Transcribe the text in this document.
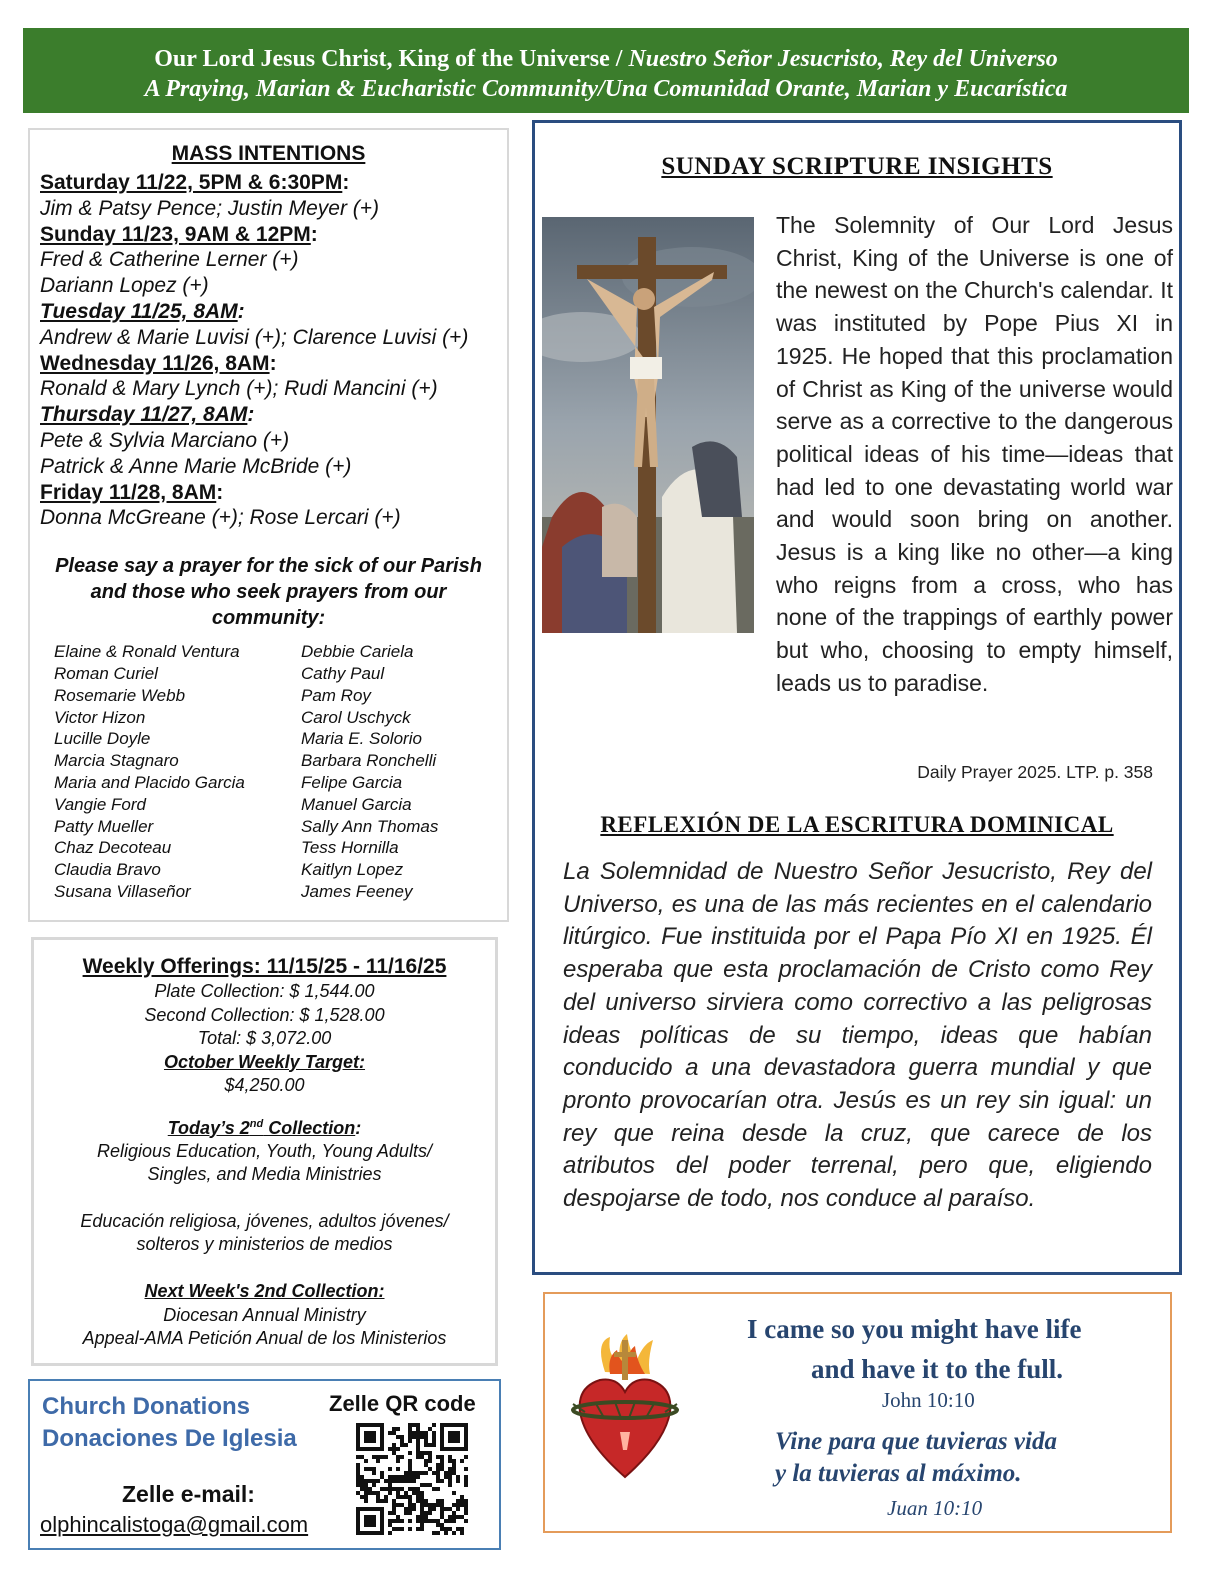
Our Lord Jesus Christ, King of the Universe / Nuestro Señor Jesucristo, Rey del Universo
A Praying, Marian & Eucharistic Community/Una Comunidad Orante, Marian y Eucarística
MASS INTENTIONS
Saturday 11/22, 5PM & 6:30PM:
Jim & Patsy Pence; Justin Meyer (+)
Sunday 11/23, 9AM & 12PM:
Fred & Catherine Lerner (+)
Dariann Lopez (+)
Tuesday 11/25, 8AM:
Andrew & Marie Luvisi (+); Clarence Luvisi (+)
Wednesday 11/26, 8AM:
Ronald & Mary Lynch (+); Rudi Mancini (+)
Thursday 11/27, 8AM:
Pete & Sylvia Marciano (+)
Patrick & Anne Marie McBride (+)
Friday 11/28, 8AM:
Donna McGreane (+); Rose Lercari (+)
Please say a prayer for the sick of our Parish and those who seek prayers from our community:
Elaine & Ronald Ventura
Roman Curiel
Rosemarie Webb
Victor Hizon
Lucille Doyle
Marcia Stagnaro
Maria and Placido Garcia
Vangie Ford
Patty Mueller
Chaz Decoteau
Claudia Bravo
Susana Villaseñor
Debbie Cariela
Cathy Paul
Pam Roy
Carol Uschyck
Maria E. Solorio
Barbara Ronchelli
Felipe Garcia
Manuel Garcia
Sally Ann Thomas
Tess Hornilla
Kaitlyn Lopez
James Feeney
Weekly Offerings: 11/15/25 - 11/16/25
Plate Collection: $ 1,544.00
Second Collection: $ 1,528.00
Total: $ 3,072.00
October Weekly Target:
$4,250.00
Today’s 2nd Collection:
Religious Education, Youth, Young Adults/
Singles, and Media Ministries
Educación religiosa, jóvenes, adultos jóvenes/
solteros y ministerios de medios
Next Week's 2nd Collection:
Diocesan Annual Ministry
Appeal-AMA Petición Anual de los Ministerios
Church Donations
Donaciones De Iglesia
Zelle QR code
Zelle e-mail:
olphincalistoga@gmail.com
SUNDAY SCRIPTURE INSIGHTS
The Solemnity of Our Lord Jesus Christ, King of the Universe is one of the newest on the Church's calendar. It was instituted by Pope Pius XI in 1925. He hoped that this proclamation of Christ as King of the universe would serve as a corrective to the dangerous political ideas of his time—ideas that had led to one devastating world war and would soon bring on another. Jesus is a king like no other—a king who reigns from a cross, who has none of the trappings of earthly power but who, choosing to empty himself, leads us to paradise.
Daily Prayer 2025. LTP. p. 358
REFLEXIÓN DE LA ESCRITURA DOMINICAL
La Solemnidad de Nuestro Señor Jesucristo, Rey del Universo, es una de las más recientes en el calendario litúrgico. Fue instituida por el Papa Pío XI en 1925. Él esperaba que esta proclamación de Cristo como Rey del universo sirviera como correctivo a las peligrosas ideas políticas de su tiempo, ideas que habían conducido a una devastadora guerra mundial y que pronto provocarían otra. Jesús es un rey sin igual: un rey que reina desde la cruz, que carece de los atributos del poder terrenal, pero que, eligiendo despojarse de todo, nos conduce al paraíso.
I came so you might have life
and have it to the full.
John 10:10
Vine para que tuvieras vida
y la tuvieras al máximo.
Juan 10:10
